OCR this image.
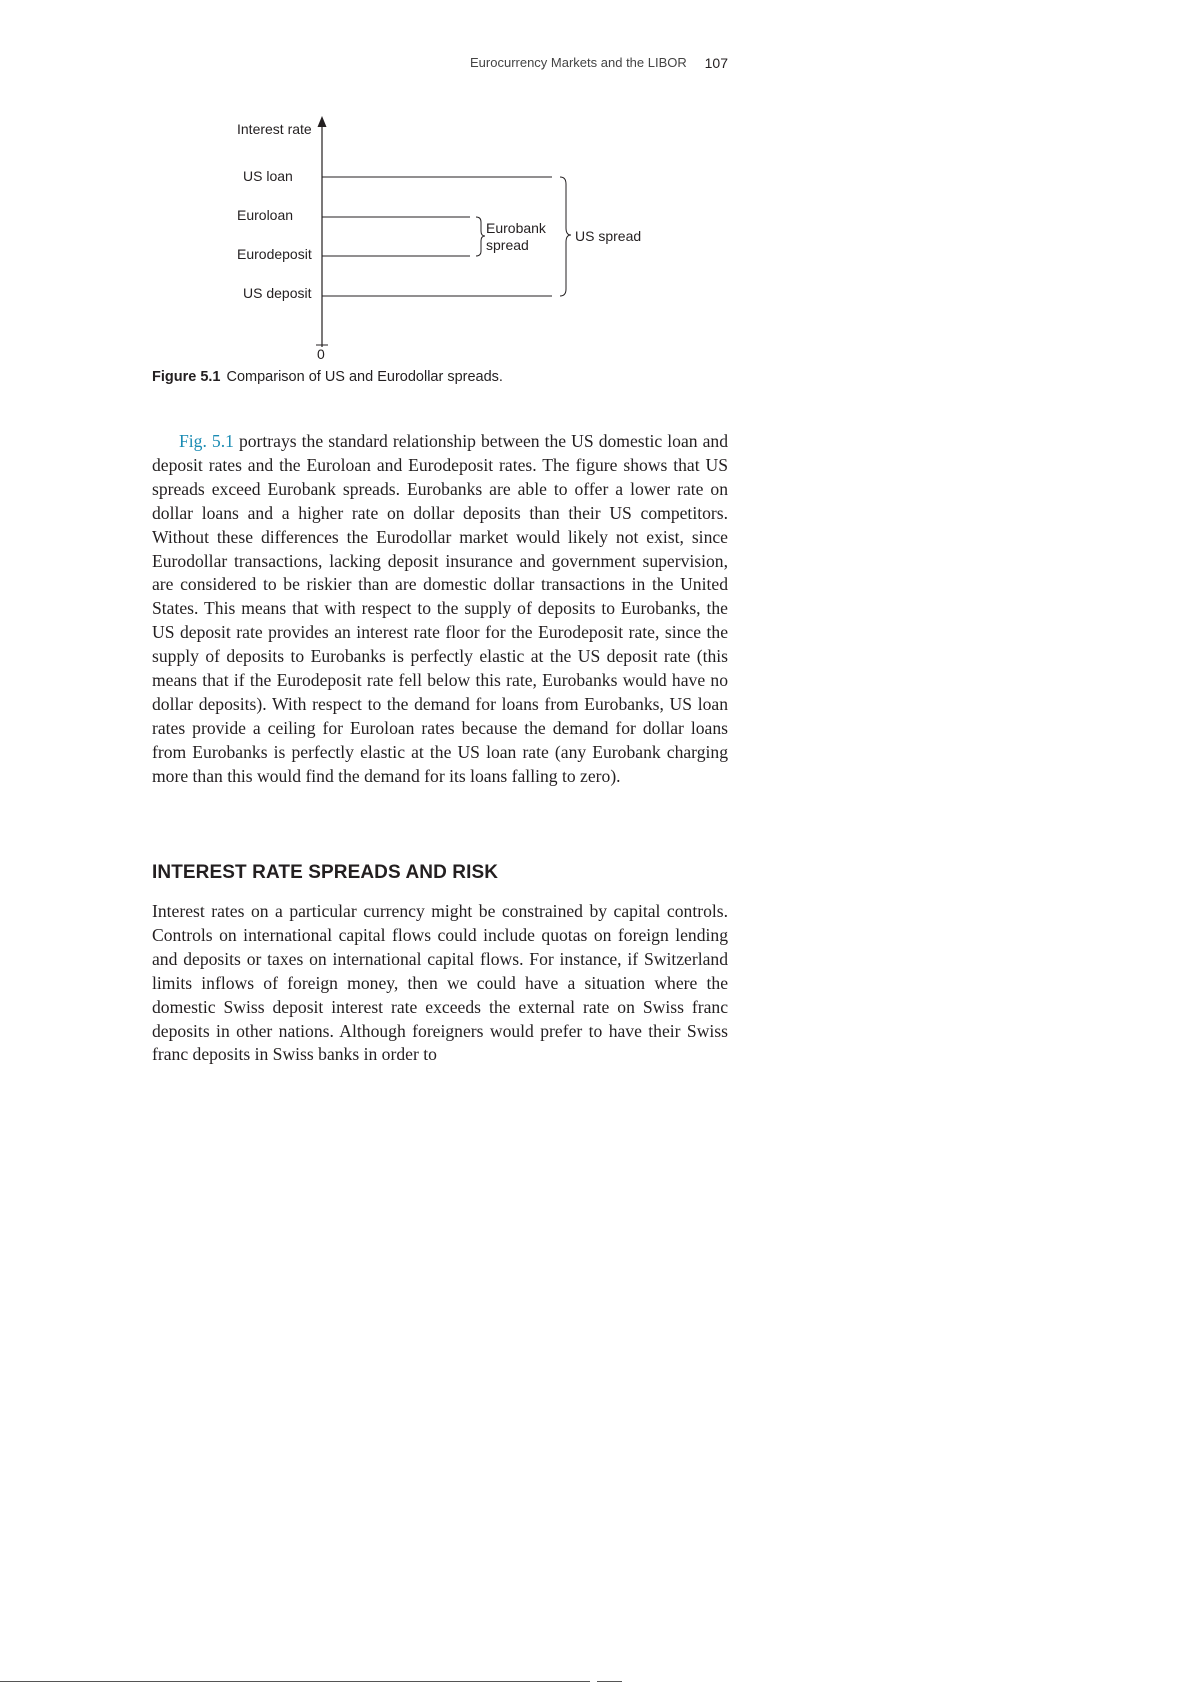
Eurocurrency Markets and the LIBOR 107
Interest rate
US loan
Euroloan
Eurodeposit
US deposit
0
Eurobank
spread
US spread
Figure 5.1 Comparison of US and Eurodollar spreads.

Fig. 5.1 portrays the standard relationship between the US domestic loan and deposit rates and the Euroloan and Eurodeposit rates. The figure shows that US spreads exceed Eurobank spreads. Eurobanks are able to offer a lower rate on dollar loans and a higher rate on dollar deposits than their US competitors. Without these differences the Eurodollar market would likely not exist, since Eurodollar transactions, lacking deposit insurance and government supervision, are considered to be riskier than are domestic dollar transactions in the United States. This means that with respect to the supply of deposits to Eurobanks, the US deposit rate provides an interest rate floor for the Eurodeposit rate, since the supply of deposits to Eurobanks is perfectly elastic at the US deposit rate (this means that if the Eurodeposit rate fell below this rate, Eurobanks would have no dollar deposits). With respect to the demand for loans from Eurobanks, US loan rates provide a ceiling for Euroloan rates because the demand for dollar loans from Eurobanks is perfectly elastic at the US loan rate (any Eurobank charging more than this would find the demand for its loans falling to zero).

INTEREST RATE SPREADS AND RISK

Interest rates on a particular currency might be constrained by capital controls. Controls on international capital flows could include quotas on foreign lending and deposits or taxes on international capital flows. For instance, if Switzerland limits inflows of foreign money, then we could have a situation where the domestic Swiss deposit interest rate exceeds the external rate on Swiss franc deposits in other nations. Although foreigners would prefer to have their Swiss franc deposits in Swiss banks in order to
